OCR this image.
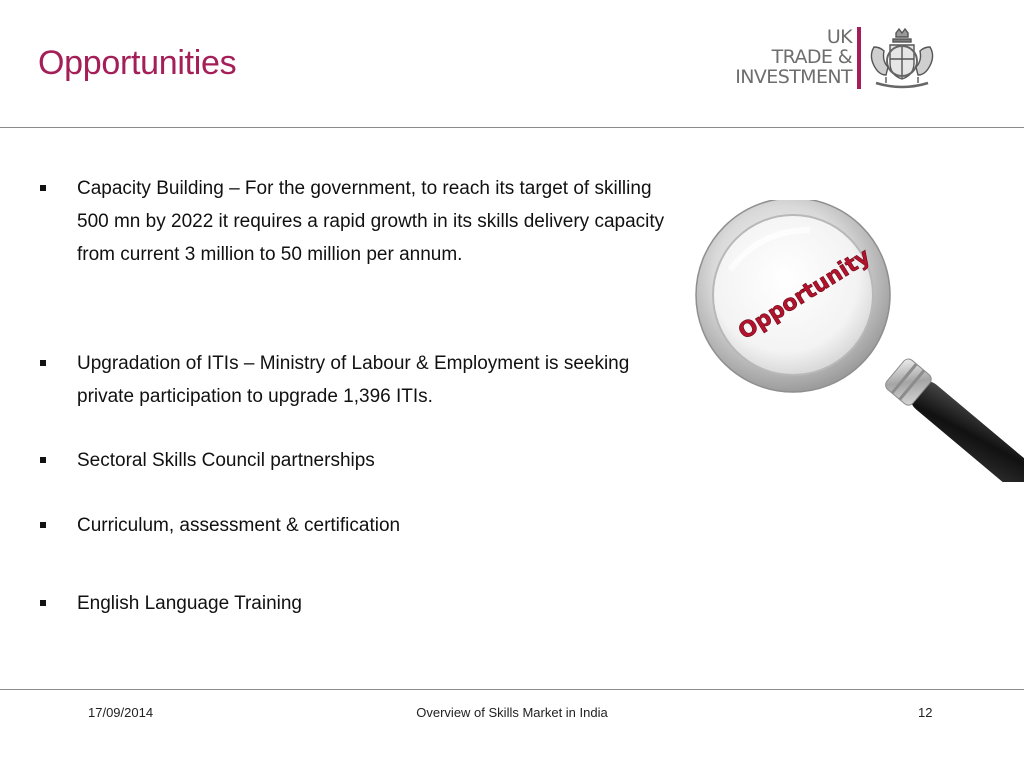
Opportunities
UK
TRADE &
INVESTMENT
Capacity Building – For the government, to reach its target of skilling 500 mn by 2022 it requires a rapid growth in its skills delivery capacity from current 3 million to 50 million per annum.
Upgradation of ITIs – Ministry of Labour & Employment is seeking private participation to upgrade 1,396 ITIs.
Sectoral Skills Council partnerships
Curriculum, assessment & certification
English Language Training
Opportunity
17/09/2014	Overview of Skills Market in India	12
